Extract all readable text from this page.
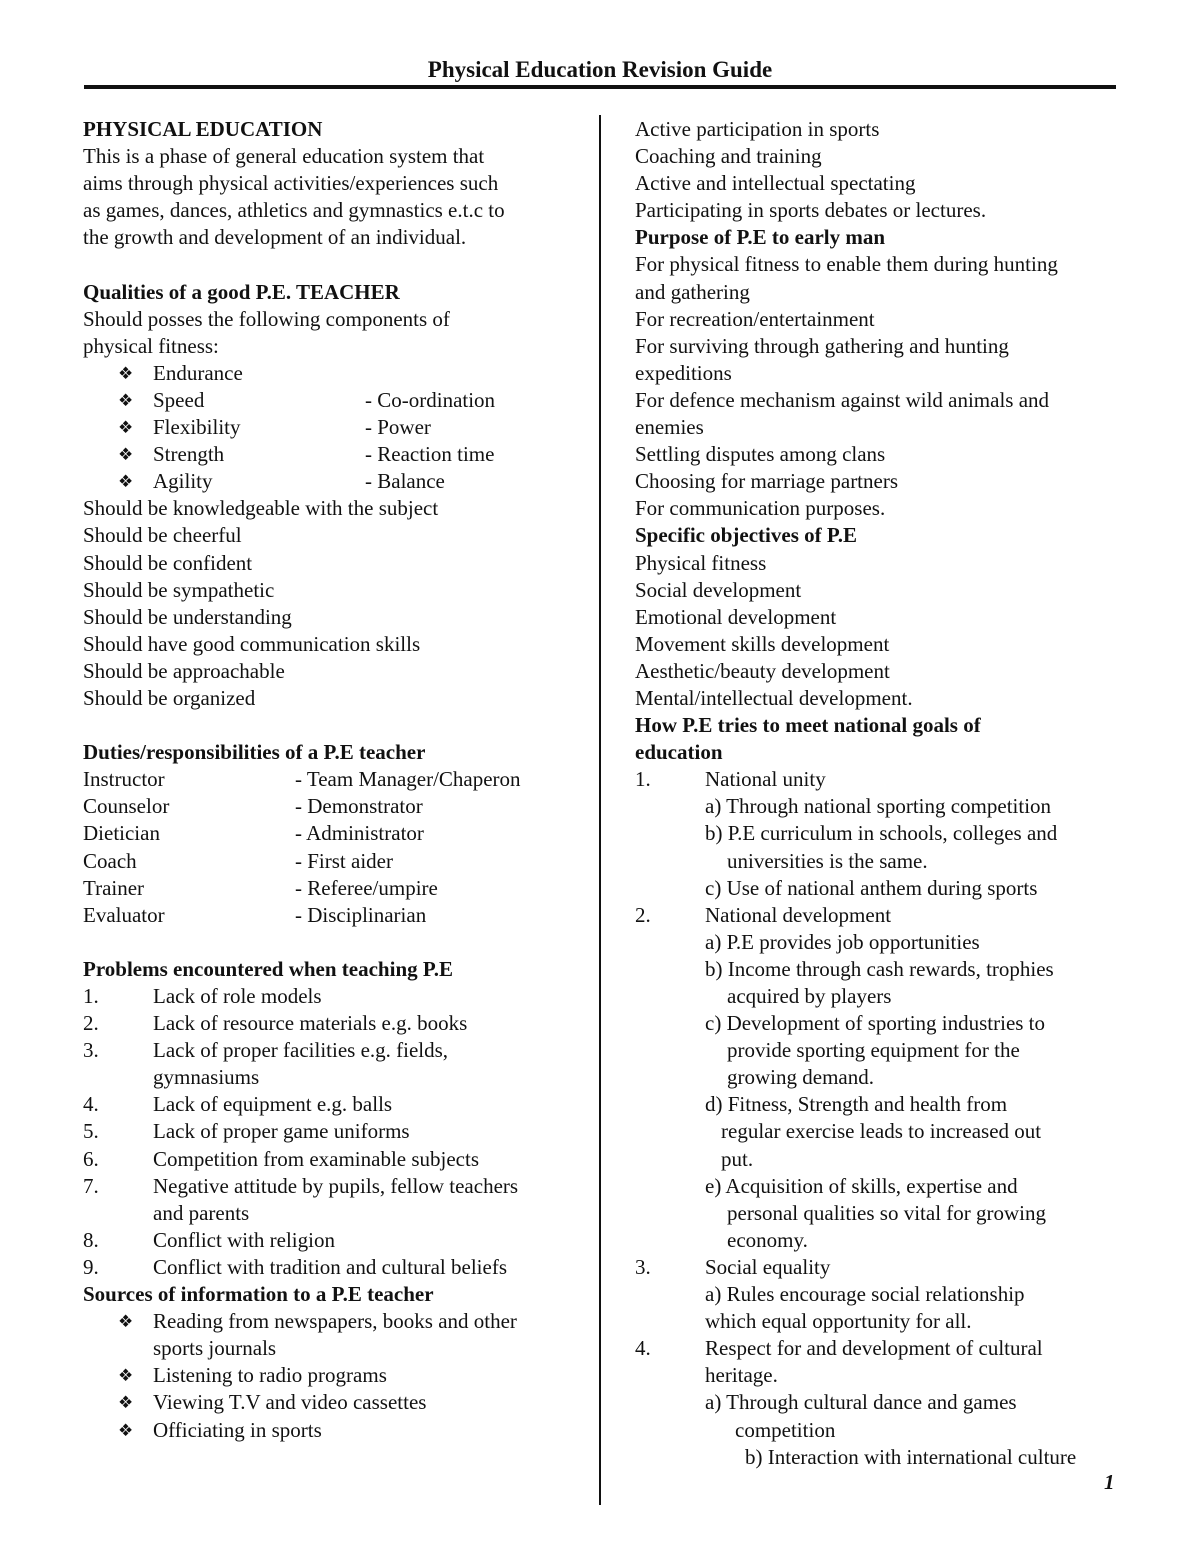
Physical Education Revision Guide
PHYSICAL EDUCATION
This is a phase of general education system that
aims through physical activities/experiences such
as games, dances, athletics and gymnastics e.t.c to
the growth and development of an individual.
Qualities of a good P.E. TEACHER
Should posses the following components of
physical fitness:
❖ Endurance
❖ Speed	- Co-ordination
❖ Flexibility	- Power
❖ Strength	- Reaction time
❖ Agility	- Balance
Should be knowledgeable with the subject
Should be cheerful
Should be confident
Should be sympathetic
Should be understanding
Should have good communication skills
Should be approachable
Should be organized
Duties/responsibilities of a P.E teacher
Instructor	- Team Manager/Chaperon
Counselor	- Demonstrator
Dietician	- Administrator
Coach	- First aider
Trainer	- Referee/umpire
Evaluator	- Disciplinarian
Problems encountered when teaching P.E
1.	Lack of role models
2.	Lack of resource materials e.g. books
3.	Lack of proper facilities e.g. fields,
gymnasiums
4.	Lack of equipment e.g. balls
5.	Lack of proper game uniforms
6.	Competition from examinable subjects
7.	Negative attitude by pupils, fellow teachers
and parents
8.	Conflict with religion
9.	Conflict with tradition and cultural beliefs
Sources of information to a P.E teacher
❖ Reading from newspapers, books and other
sports journals
❖ Listening to radio programs
❖ Viewing T.V and video cassettes
❖ Officiating in sports
Active participation in sports
Coaching and training
Active and intellectual spectating
Participating in sports debates or lectures.
Purpose of P.E to early man
For physical fitness to enable them during hunting
and gathering
For recreation/entertainment
For surviving through gathering and hunting
expeditions
For defence mechanism against wild animals and
enemies
Settling disputes among clans
Choosing for marriage partners
For communication purposes.
Specific objectives of P.E
Physical fitness
Social development
Emotional development
Movement skills development
Aesthetic/beauty development
Mental/intellectual development.
How P.E tries to meet national goals of
education
1.	National unity
a) Through national sporting competition
b) P.E curriculum in schools, colleges and
universities is the same.
c) Use of national anthem during sports
2.	National development
a) P.E provides job opportunities
b) Income through cash rewards, trophies
acquired by players
c) Development of sporting industries to
provide sporting equipment for the
growing demand.
d) Fitness, Strength and health from
regular exercise leads to increased out
put.
e) Acquisition of skills, expertise and
personal qualities so vital for growing
economy.
3.	Social equality
a) Rules encourage social relationship
which equal opportunity for all.
4.	Respect for and development of cultural
heritage.
a) Through cultural dance and games
competition
b) Interaction with international culture
1
